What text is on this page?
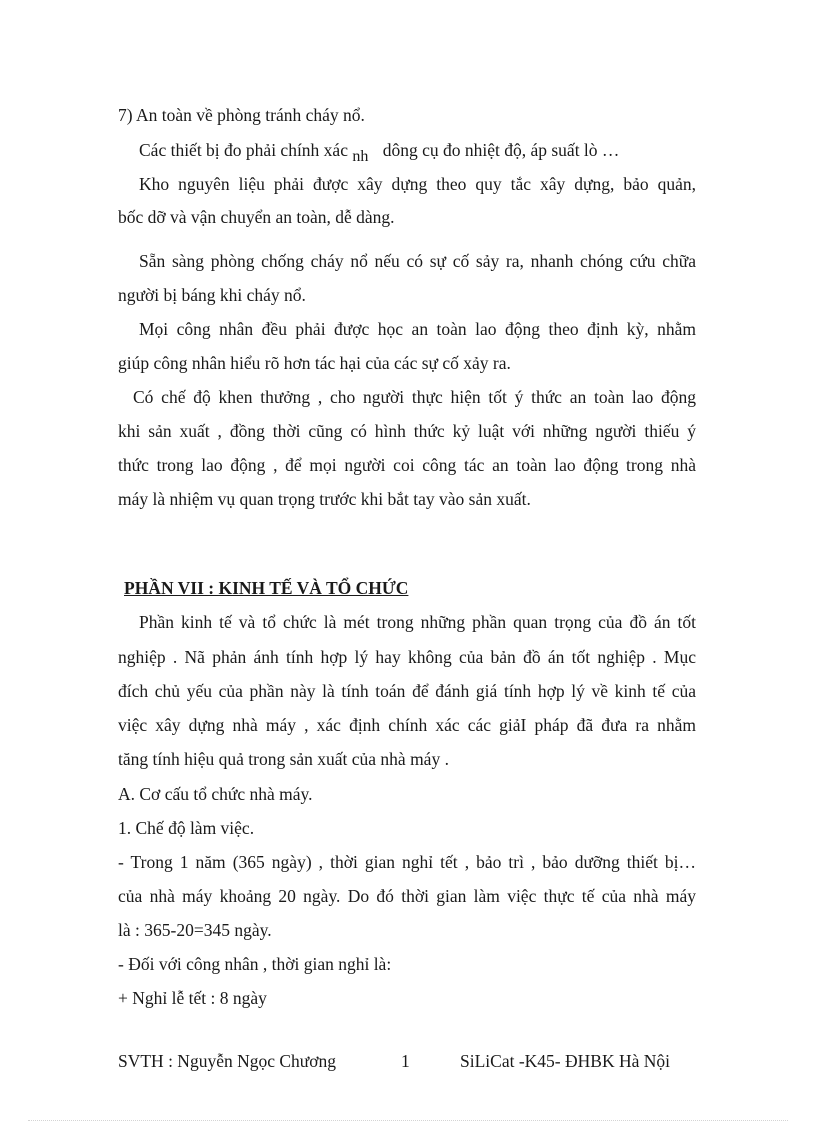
7) An toàn về phòng tránh cháy nổ.
Các thiết bị đo phải chính xác nh dông cụ đo nhiệt độ, áp suất lò …
Kho nguyên liệu phải được xây dựng theo quy tắc xây dựng, bảo quản,
bốc dỡ và vận chuyển an toàn, dễ dàng.
Sẵn sàng phòng chống cháy nổ nếu có sự cố sảy ra, nhanh chóng cứu chữa
người bị báng khi cháy nổ.
Mọi công nhân đều phải được học an toàn lao động theo định kỳ, nhằm
giúp công nhân hiểu rõ hơn tác hại của các sự cố xảy ra.
Có chế độ khen thưởng , cho người thực hiện tốt ý thức an toàn lao động
khi sản xuất , đồng thời cũng có hình thức kỷ luật với những người thiếu ý
thức trong lao động , để mọi người coi công tác an toàn lao động trong nhà
máy là nhiệm vụ quan trọng trước khi bắt tay vào sản xuất.
PHẦN VII : KINH TẾ VÀ TỔ CHỨC
Phần kinh tế và tổ chức là mét trong những phần quan trọng của đồ án tốt
nghiệp . Nã phản ánh tính hợp lý hay không của bản đồ án tốt nghiệp . Mục
đích chủ yếu của phần này là tính toán để đánh giá tính hợp lý về kinh tế của
việc xây dựng nhà máy , xác định chính xác các giảI pháp đã đưa ra nhằm
tăng tính hiệu quả trong sản xuất của nhà máy .
A. Cơ cấu tổ chức nhà máy.
1. Chế độ làm việc.
- Trong 1 năm (365 ngày) , thời gian nghỉ tết , bảo trì , bảo dưỡng thiết bị…
của nhà máy khoảng 20 ngày. Do đó thời gian làm việc thực tế của nhà máy
là : 365-20=345 ngày.
- Đối với công nhân , thời gian nghỉ là:
+ Nghỉ lễ tết : 8 ngày
SVTH : Nguyễn Ngọc Chương	1	SiLiCat -K45- ĐHBK Hà Nội
